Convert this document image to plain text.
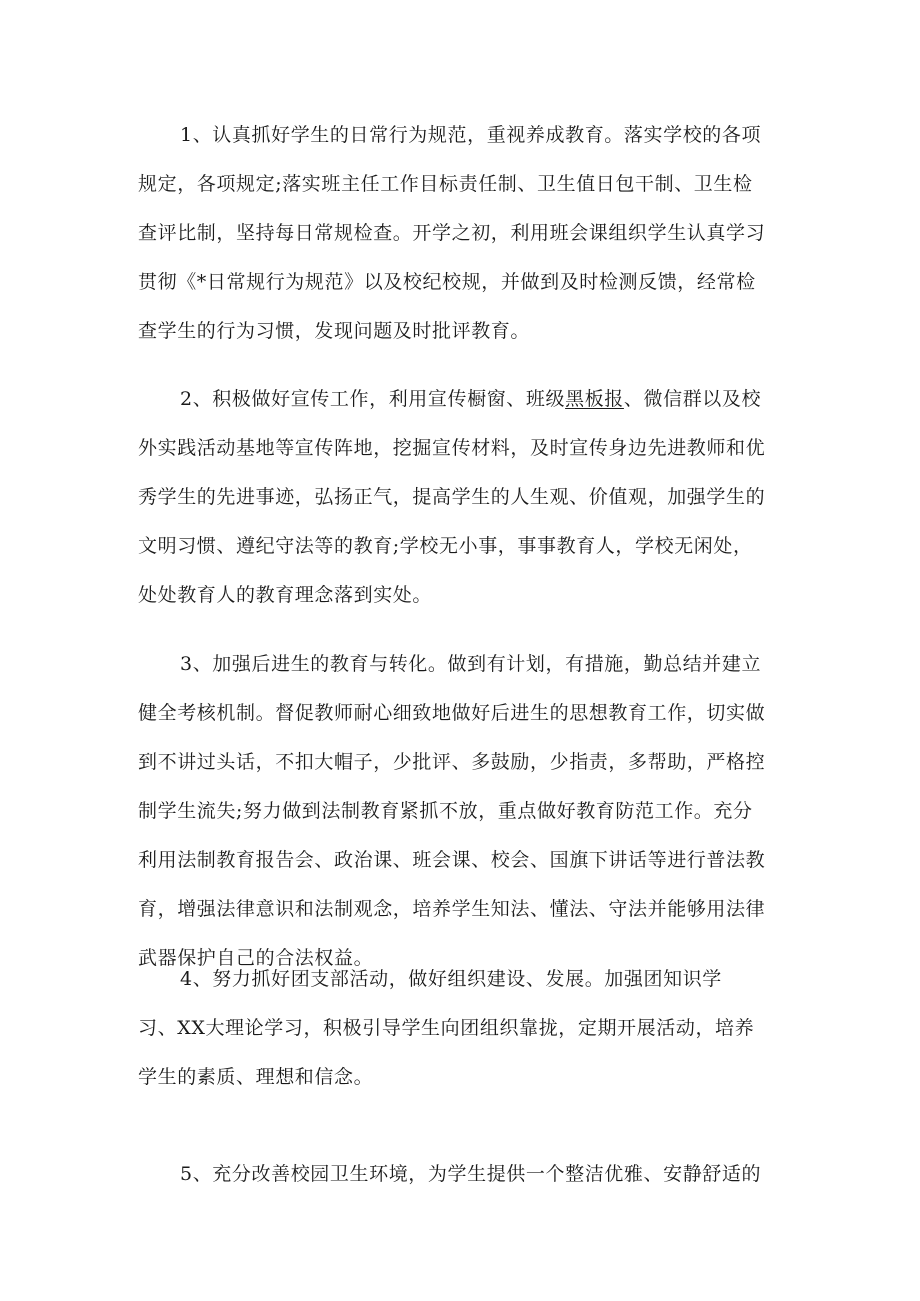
1、认真抓好学生的日常行为规范，重视养成教育。落实学校的各项
规定，各项规定;落实班主任工作目标责任制、卫生值日包干制、卫生检
查评比制，坚持每日常规检查。开学之初，利用班会课组织学生认真学习
贯彻《*日常规行为规范》以及校纪校规，并做到及时检测反馈，经常检
查学生的行为习惯，发现问题及时批评教育。
2、积极做好宣传工作，利用宣传橱窗、班级黑板报、微信群以及校
外实践活动基地等宣传阵地，挖掘宣传材料，及时宣传身边先进教师和优
秀学生的先进事迹，弘扬正气，提高学生的人生观、价值观，加强学生的
文明习惯、遵纪守法等的教育;学校无小事，事事教育人，学校无闲处，
处处教育人的教育理念落到实处。
3、加强后进生的教育与转化。做到有计划，有措施，勤总结并建立
健全考核机制。督促教师耐心细致地做好后进生的思想教育工作，切实做
到不讲过头话，不扣大帽子，少批评、多鼓励，少指责，多帮助，严格控
制学生流失;努力做到法制教育紧抓不放，重点做好教育防范工作。充分
利用法制教育报告会、政治课、班会课、校会、国旗下讲话等进行普法教
育，增强法律意识和法制观念，培养学生知法、懂法、守法并能够用法律
武器保护自己的合法权益。
4、努力抓好团支部活动，做好组织建设、发展。加强团知识学
习、XX大理论学习，积极引导学生向团组织靠拢，定期开展活动，培养
学生的素质、理想和信念。
5、充分改善校园卫生环境，为学生提供一个整洁优雅、安静舒适的
